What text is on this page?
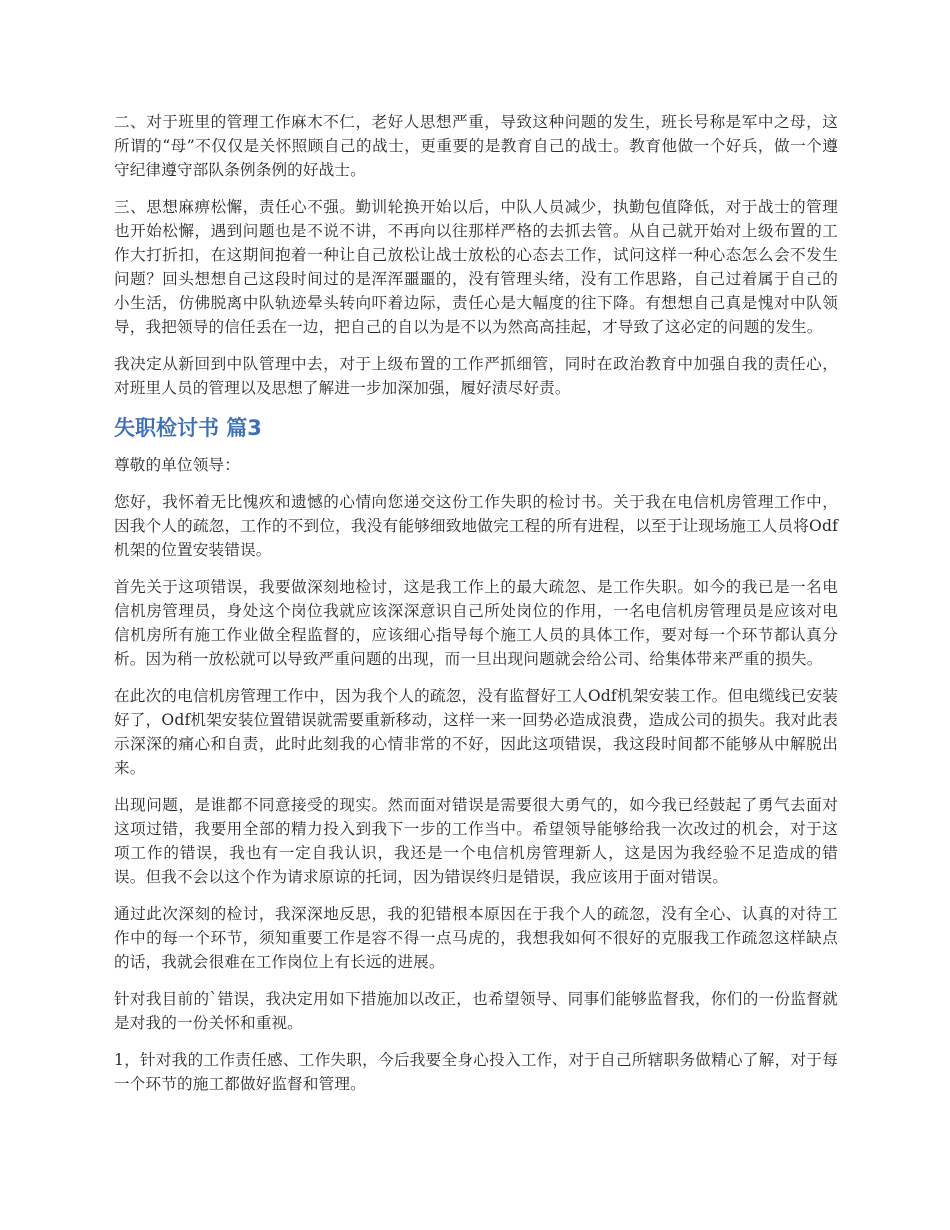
二、对于班里的管理工作麻木不仁，老好人思想严重，导致这种问题的发生，班长号称是军中之母，这所谓的“母”不仅仅是关怀照顾自己的战士，更重要的是教育自己的战士。教育他做一个好兵，做一个遵守纪律遵守部队条例条例的好战士。

三、思想麻痹松懈，责任心不强。勤训轮换开始以后，中队人员减少，执勤包值降低，对于战士的管理也开始松懈，遇到问题也是不说不讲，不再向以往那样严格的去抓去管。从自己就开始对上级布置的工作大打折扣，在这期间抱着一种让自己放松让战士放松的心态去工作，试问这样一种心态怎么会不发生问题？回头想想自己这段时间过的是浑浑噩噩的，没有管理头绪，没有工作思路，自己过着属于自己的小生活，仿佛脱离中队轨迹晕头转向吓着边际，责任心是大幅度的往下降。有想想自己真是愧对中队领导，我把领导的信任丢在一边，把自己的自以为是不以为然高高挂起，才导致了这必定的问题的发生。

我决定从新回到中队管理中去，对于上级布置的工作严抓细管，同时在政治教育中加强自我的责任心，对班里人员的管理以及思想了解进一步加深加强，履好渍尽好责。

失职检讨书 篇3

尊敬的单位领导：

您好，我怀着无比愧疚和遗憾的心情向您递交这份工作失职的检讨书。关于我在电信机房管理工作中，因我个人的疏忽，工作的不到位，我没有能够细致地做完工程的所有进程，以至于让现场施工人员将Odf机架的位置安装错误。

首先关于这项错误，我要做深刻地检讨，这是我工作上的最大疏忽、是工作失职。如今的我已是一名电信机房管理员，身处这个岗位我就应该深深意识自己所处岗位的作用，一名电信机房管理员是应该对电信机房所有施工作业做全程监督的，应该细心指导每个施工人员的具体工作，要对每一个环节都认真分析。因为稍一放松就可以导致严重问题的出现，而一旦出现问题就会给公司、给集体带来严重的损失。

在此次的电信机房管理工作中，因为我个人的疏忽，没有监督好工人Odf机架安装工作。但电缆线已安装好了，Odf机架安装位置错误就需要重新移动，这样一来一回势必造成浪费，造成公司的损失。我对此表示深深的痛心和自责，此时此刻我的心情非常的不好，因此这项错误，我这段时间都不能够从中解脱出来。

出现问题，是谁都不同意接受的现实。然而面对错误是需要很大勇气的，如今我已经鼓起了勇气去面对这项过错，我要用全部的精力投入到我下一步的工作当中。希望领导能够给我一次改过的机会，对于这项工作的错误，我也有一定自我认识，我还是一个电信机房管理新人，这是因为我经验不足造成的错误。但我不会以这个作为请求原谅的托词，因为错误终归是错误，我应该用于面对错误。

通过此次深刻的检讨，我深深地反思，我的犯错根本原因在于我个人的疏忽，没有全心、认真的对待工作中的每一个环节，须知重要工作是容不得一点马虎的，我想我如何不很好的克服我工作疏忽这样缺点的话，我就会很难在工作岗位上有长远的进展。

针对我目前的`错误，我决定用如下措施加以改正，也希望领导、同事们能够监督我，你们的一份监督就是对我的一份关怀和重视。

1，针对我的工作责任感、工作失职，今后我要全身心投入工作，对于自己所辖职务做精心了解，对于每一个环节的施工都做好监督和管理。
